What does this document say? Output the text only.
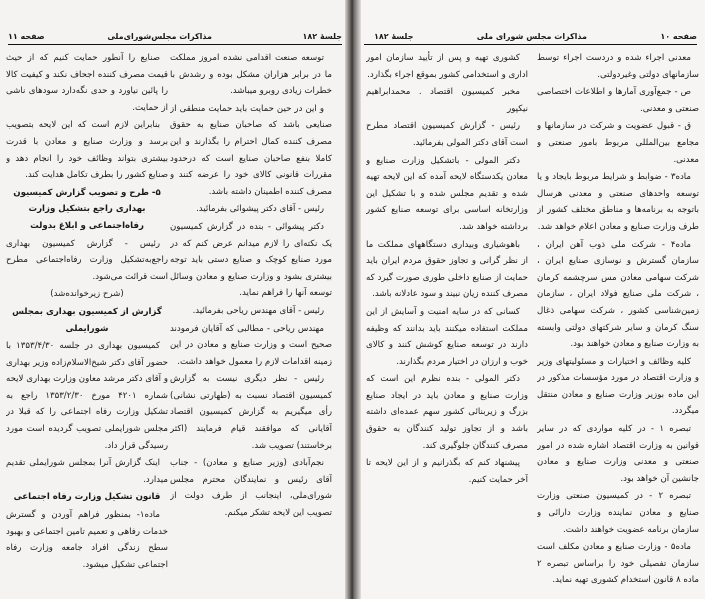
جلسهٔ ۱۸۲
مذاکرات مجلس‌شورای‌ملی
صفحه ۱۱

توسعه صنعت اقدامی نشده امروز مملکت ما در برابر هزاران مشکل بوده و رشدش با خطرات زیادی روبرو میباشد.

و این در حین حمایت باید حمایت منطقی از صنایعی باشد که صاحبان صنایع به حقوق مصرف کننده کمال احترام را بگذارند و این کاملا بنفع صاحبان صنایع است که درحدود مقررات قانونی کالای خود را عرضه کنند و مصرف کننده اطمینان داشته باشد.

رئیس - آقای دکتر پیشوائی بفرمائید.

دکتر پیشوائی - بنده در گزارش کمیسیون یک نکته‌ای را لازم میدانم عرض کنم که در مورد صنایع کوچک و صنایع دستی باید توجه بیشتری بشود و وزارت صنایع و معادن وسائل توسعه آنها را فراهم نماید.

رئیس - آقای مهندس ریاحی بفرمائید.

مهندس ریاحی - مطالبی که آقایان فرمودند صحیح است و وزارت صنایع و معادن در این زمینه اقدامات لازم را معمول خواهد داشت.

رئیس - نظر دیگری نیست به گزارش کمیسیون اقتصاد نسبت به (طهارتی نشانی) رأی میگیریم به گزارش کمیسیون اقتصاد آقایانی که موافقند قیام فرمایند (اکثر برخاستند) تصویب شد.

نجم‌آبادی (وزیر صنایع و معادن) - جناب آقای رئیس و نمایندگان محترم مجلس شورای‌ملی، اینجانب از طرف دولت از تصویب این لایحه تشکر میکنم.

صنایع را آنطور حمایت کنیم که از حیث قیمت مصرف کننده اجحاف نکند و کیفیت کالا را پائین نیاورد و حدی نگه‌دارد سودهای ناشی از حمایت.

بنابراین لازم است که این لایحه بتصویب برسد و وزارت صنایع و معادن با قدرت بیشتری بتواند وظائف خود را انجام دهد و صنایع کشور را بطرف تکامل هدایت کند.

۵- طرح و تصویب گزارش کمیسیون بهداری راجع بتشکیل وزارت رفاه‌اجتماعی و ابلاغ بدولت

رئیس - گزارش کمیسیون بهداری راجع‌به‌تشکیل وزارت رفاه‌اجتماعی مطرح است قرائت می‌شود.

(شرح زیرخوانده‌شد)

گزارش از کمیسیون بهداری بمجلس شورایملی

کمیسیون بهداری در جلسه ۱۳۵۳/۴/۳۰ با حضور آقای دکتر شیخ‌الاسلام‌زاده وزیر بهداری و آقای دکتر مرشد معاون وزارت بهداری لایحه شماره ۴۲۰۱ مورخ ۱۳۵۳/۲/۳۰ راجع به تشکیل وزارت رفاه اجتماعی را که قبلا در مجلس شورایملی تصویب گردیده است مورد رسیدگی قرار داد.

اینک گزارش آنرا بمجلس شورایملی تقدیم میدارد.

قانون تشکیل وزارت رفاه اجتماعی

ماده۱- بمنظور فراهم آوردن و گسترش خدمات رفاهی و تعمیم تامین اجتماعی و بهبود سطح زندگی افراد جامعه وزارت رفاه اجتماعی تشکیل میشود.

صفحه ۱۰
مذاکرات مجلس شورای ملی
جلسهٔ ۱۸۲

کشوری تهیه و پس از تأیید سازمان امور اداری و استخدامی کشور بموقع اجراء بگذارد.

مخبر کمیسیون اقتصاد . محمدابراهیم نیکپور

رئیس - گزارش کمیسیون اقتصاد مطرح است آقای دکتر المولی بفرمائید.

دکتر المولی - باتشکیل وزارت صنایع و معادن یکدستگاه لایحه آمده که این لایحه تهیه شده و تقدیم مجلس شده و با تشکیل این وزارتخانه اساسی برای توسعه صنایع کشور برداشته خواهد شد.

باهوشیاری وبیداری دستگاههای مملکت ما از نظر گرانی و تجاوز حقوق مردم ایران باید حمایت از صنایع داخلی طوری صورت گیرد که مصرف کننده زیان نبیند و سود عادلانه باشد.

کسانی که در سایه امنیت و آسایش از این مملکت استفاده میکنند باید بدانند که وظیفه دارند در توسعه صنایع کوشش کنند و کالای خوب و ارزان در اختیار مردم بگذارند.

دکتر المولی - بنده نظرم این است که وزارت صنایع و معادن باید در ایجاد صنایع بزرگ و زیربنائی کشور سهم عمده‌ای داشته باشد و از تجاوز تولید کنندگان به حقوق مصرف کنندگان جلوگیری کند.

پیشنهاد کنم که بگذرانیم و از این لایحه تا آخر حمایت کنیم.

معدنی اجراء شده و دردست اجراء توسط سازمانهای دولتی وغیردولتی.

ص - جمع‌آوری آمارها و اطلاعات اختصاصی صنعتی و معدنی.

ق - قبول عضویت و شرکت در سازمانها و مجامع بین‌المللی مربوط بامور صنعتی و معدنی.

ماده۳ - ضوابط و شرایط مربوط بایجاد و یا توسعه واحدهای صنعتی و معدنی هرسال باتوجه به برنامه‌ها و مناطق مختلف کشور از طرف وزارت صنایع و معادن اعلام خواهد شد.

ماده۴ - شرکت ملی ذوب آهن ایران ، سازمان گسترش و نوسازی صنایع ایران ، شرکت سهامی معادن مس سرچشمه کرمان ، شرکت ملی صنایع فولاد ایران ، سازمان زمین‌شناسی کشور ، شرکت سهامی ذغال سنگ کرمان و سایر شرکتهای دولتی وابسته به وزارت صنایع و معادن خواهند بود.

کلیه وظائف و اختیارات و مسئولیتهای وزیر و وزارت اقتصاد در مورد مؤسسات مذکور در این ماده بوزیر وزارت صنایع و معادن منتقل میگردد.

تبصره ۱ - در کلیه مواردی که در سایر قوانین به وزارت اقتصاد اشاره شده در امور صنعتی و معدنی وزارت صنایع و معادن جانشین آن خواهد بود.

تبصره ۲ - در کمیسیون صنعتی وزارت صنایع و معادن نماینده وزارت دارائی و سازمان برنامه عضویت خواهند داشت.

ماده۵ - وزارت صنایع و معادن مکلف است سازمان تفصیلی خود را براساس تبصره ۲ ماده ۸ قانون استخدام کشوری تهیه نماید.
